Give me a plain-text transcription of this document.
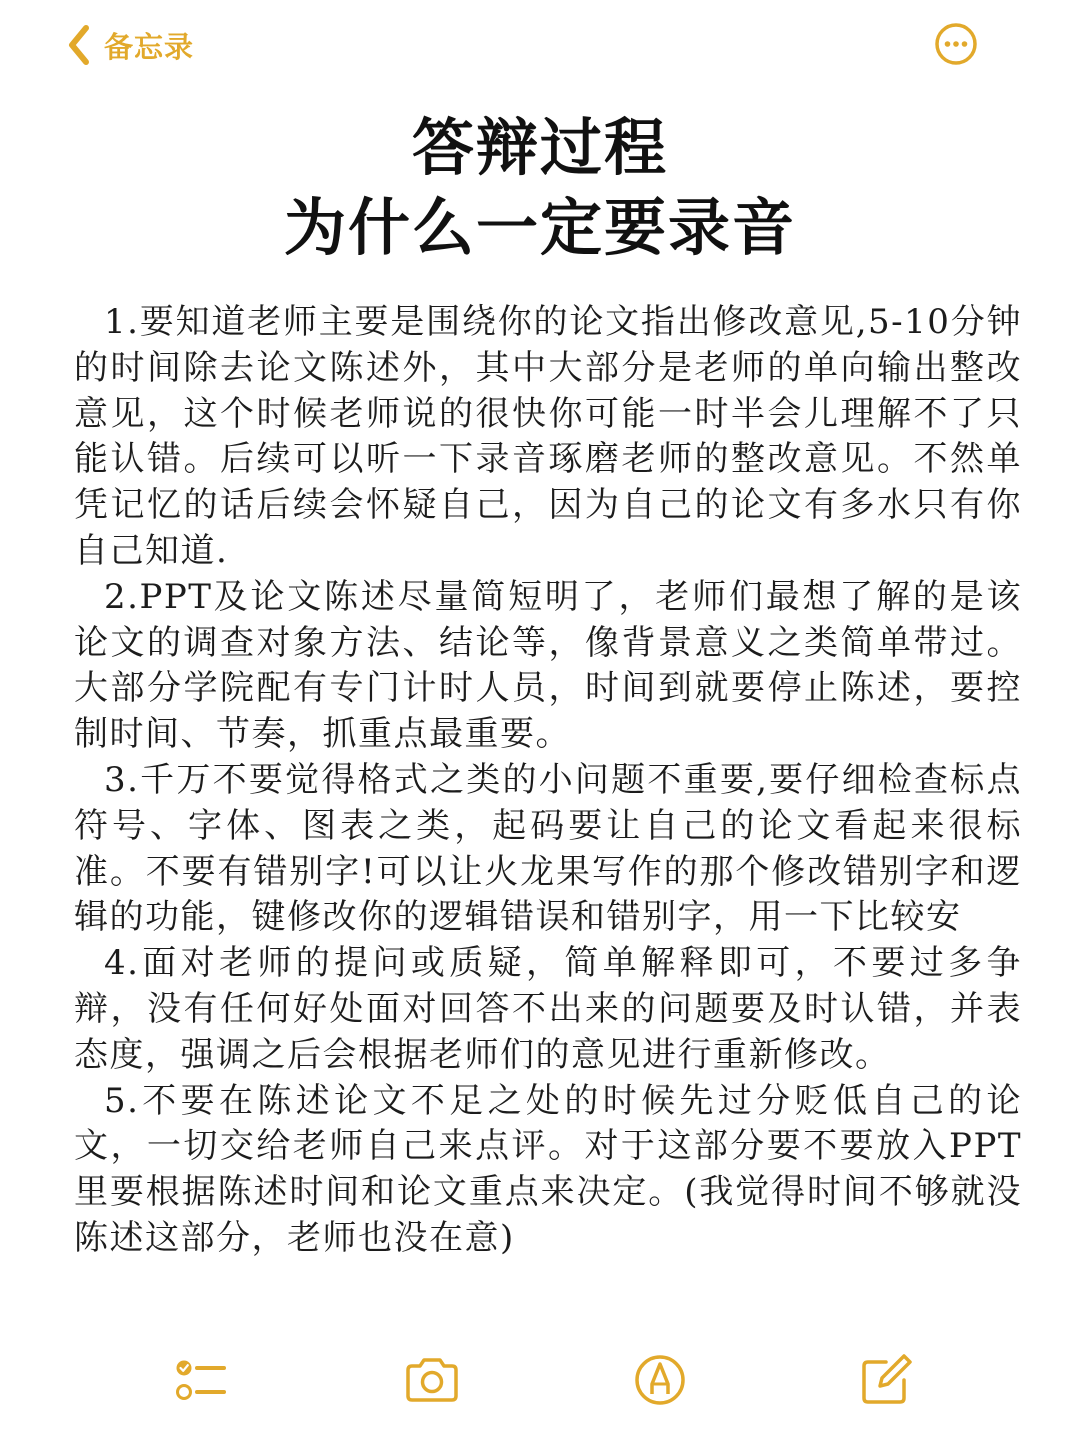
备忘录
答辩过程
为什么一定要录音

1.要知道老师主要是围绕你的论文指出修改意见,5-10分钟的时间除去论文陈述外，其中大部分是老师的单向输出整改意见，这个时候老师说的很快你可能一时半会儿理解不了只能认错。后续可以听一下录音琢磨老师的整改意见。不然单凭记忆的话后续会怀疑自己，因为自己的论文有多水只有你自己知道.

2.PPT及论文陈述尽量简短明了，老师们最想了解的是该论文的调查对象方法、结论等，像背景意义之类简单带过。大部分学院配有专门计时人员，时间到就要停止陈述，要控制时间、节奏，抓重点最重要。

3.千万不要觉得格式之类的小问题不重要,要仔细检查标点符号、字体、图表之类，起码要让自己的论文看起来很标准。不要有错别字!可以让火龙果写作的那个修改错别字和逻辑的功能，键修改你的逻辑错误和错别字，用一下比较安

4.面对老师的提问或质疑，简单解释即可，不要过多争辩，没有任何好处面对回答不出来的问题要及时认错，并表态度，强调之后会根据老师们的意见进行重新修改。

5.不要在陈述论文不足之处的时候先过分贬低自己的论文，一切交给老师自己来点评。对于这部分要不要放入PPT里要根据陈述时间和论文重点来决定。(我觉得时间不够就没陈述这部分，老师也没在意)
